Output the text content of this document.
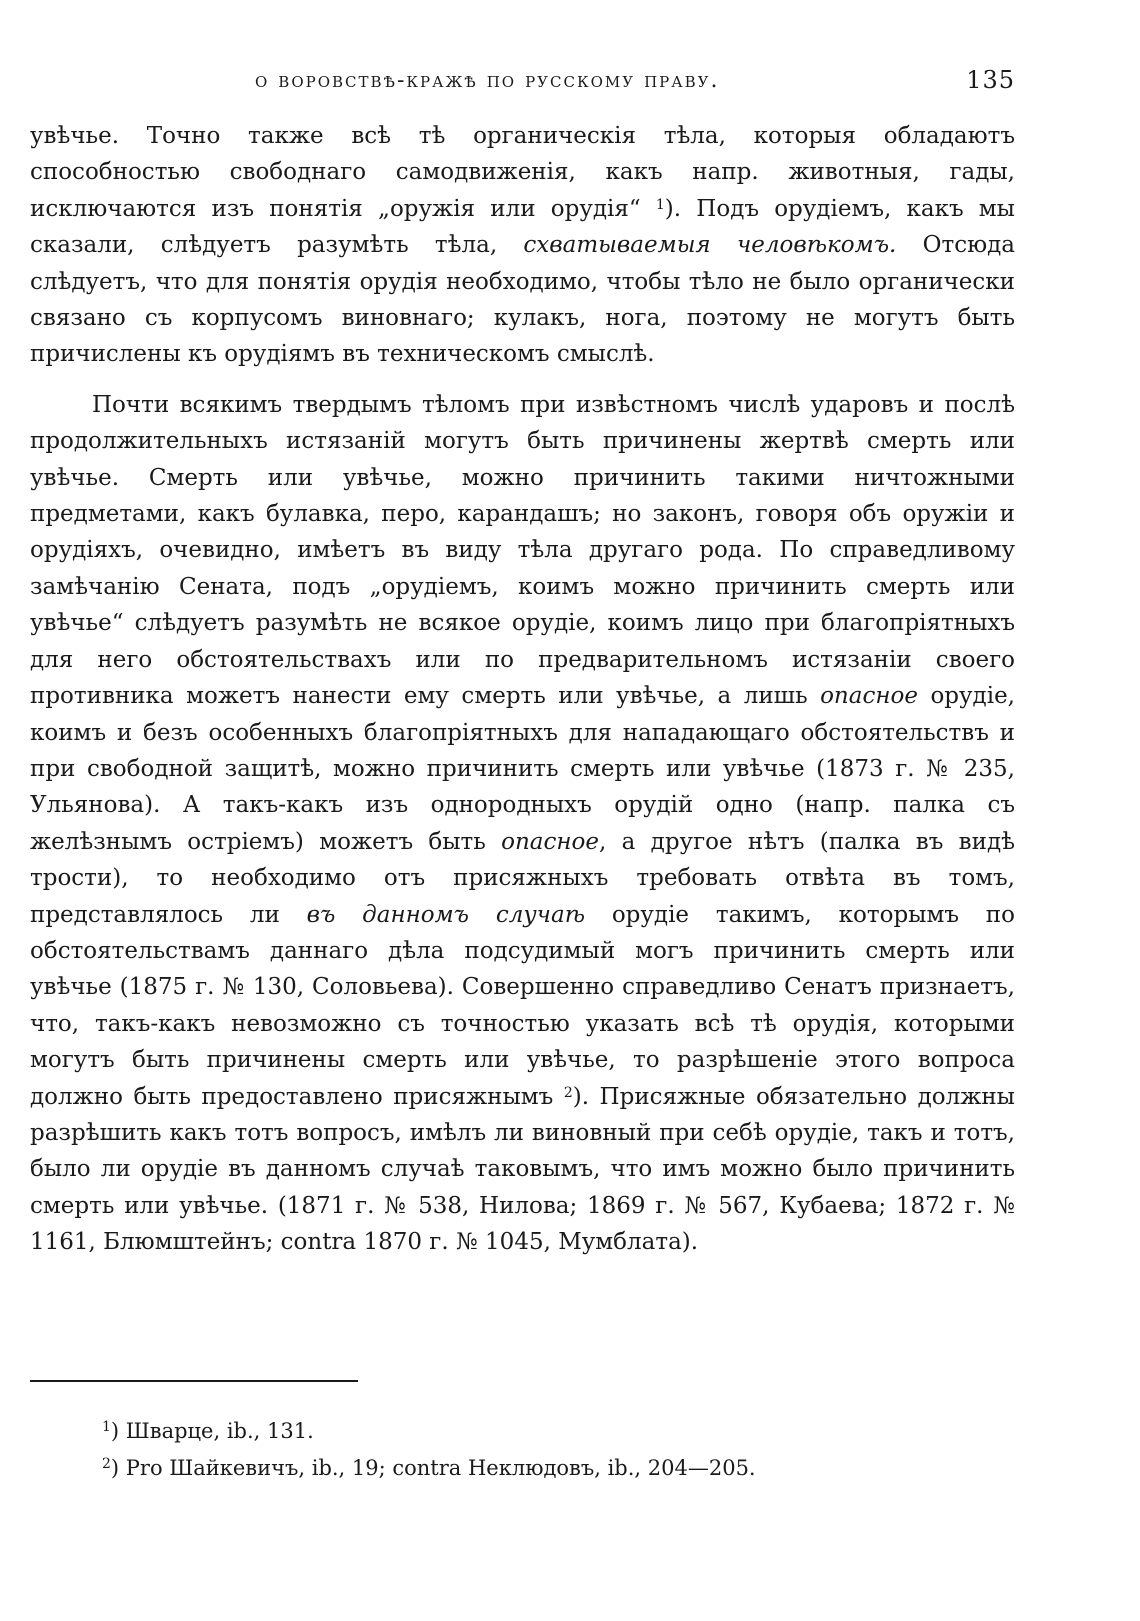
о воровствѣ-кражѣ по русскому праву.	135

увѣчье. Точно также всѣ тѣ органическія тѣла, которыя обладаютъ способностью свободнаго самодвиженія, какъ напр. животныя, гады, исключаются изъ понятія „оружія или орудія“ $^1$). Подъ орудіемъ, какъ мы сказали, слѣдуетъ разумѣть тѣла, схватываемыя человѣкомъ. Отсюда слѣдуетъ, что для понятія орудія необходимо, чтобы тѣло не было органически связано съ корпусомъ виновнаго; кулакъ, нога, поэтому не могутъ быть причислены къ орудіямъ въ техническомъ смыслѣ.

Почти всякимъ твердымъ тѣломъ при извѣстномъ числѣ ударовъ и послѣ продолжительныхъ истязаній могутъ быть причинены жертвѣ смерть или увѣчье. Смерть или увѣчье, можно причинить такими ничтожными предметами, какъ булавка, перо, карандашъ; но законъ, говоря объ оружіи и орудіяхъ, очевидно, имѣетъ въ виду тѣла другаго рода. По справедливому замѣчанію Сената, подъ „орудіемъ, коимъ можно причинить смерть или увѣчье“ слѣдуетъ разумѣть не всякое орудіе, коимъ лицо при благопріятныхъ для него обстоятельствахъ или по предварительномъ истязаніи своего противника можетъ нанести ему смерть или увѣчье, а лишь опасное орудіе, коимъ и безъ особенныхъ благопріятныхъ для нападающаго обстоятельствъ и при свободной защитѣ, можно причинить смерть или увѣчье (1873 г. № 235, Ульянова). А такъ-какъ изъ однородныхъ орудій одно (напр. палка съ желѣзнымъ остріемъ) можетъ быть опасное, а другое нѣтъ (палка въ видѣ трости), то необходимо отъ присяжныхъ требовать отвѣта въ томъ, представлялось ли въ данномъ случаѣ орудіе такимъ, которымъ по обстоятельствамъ даннаго дѣла подсудимый могъ причинить смерть или увѣчье (1875 г. № 130, Соловьева). Совершенно справедливо Сенатъ признаетъ, что, такъ-какъ невозможно съ точностью указать всѣ тѣ орудія, которыми могутъ быть причинены смерть или увѣчье, то разрѣшеніе этого вопроса должно быть предоставлено присяжнымъ $^2$). Присяжные обязательно должны разрѣшить какъ тотъ вопросъ, имѣлъ ли виновный при себѣ орудіе, такъ и тотъ, было ли орудіе въ данномъ случаѣ таковымъ, что имъ можно было причинить смерть или увѣчье. (1871 г. № 538, Нилова; 1869 г. № 567, Кубаева; 1872 г. № 1161, Блюмштейнъ; contra 1870 г. № 1045, Мумблата).

$^1$) Шварце, ib., 131.

$^2$) Pro Шайкевичъ, ib., 19; contra Неклюдовъ, ib., 204—205.
